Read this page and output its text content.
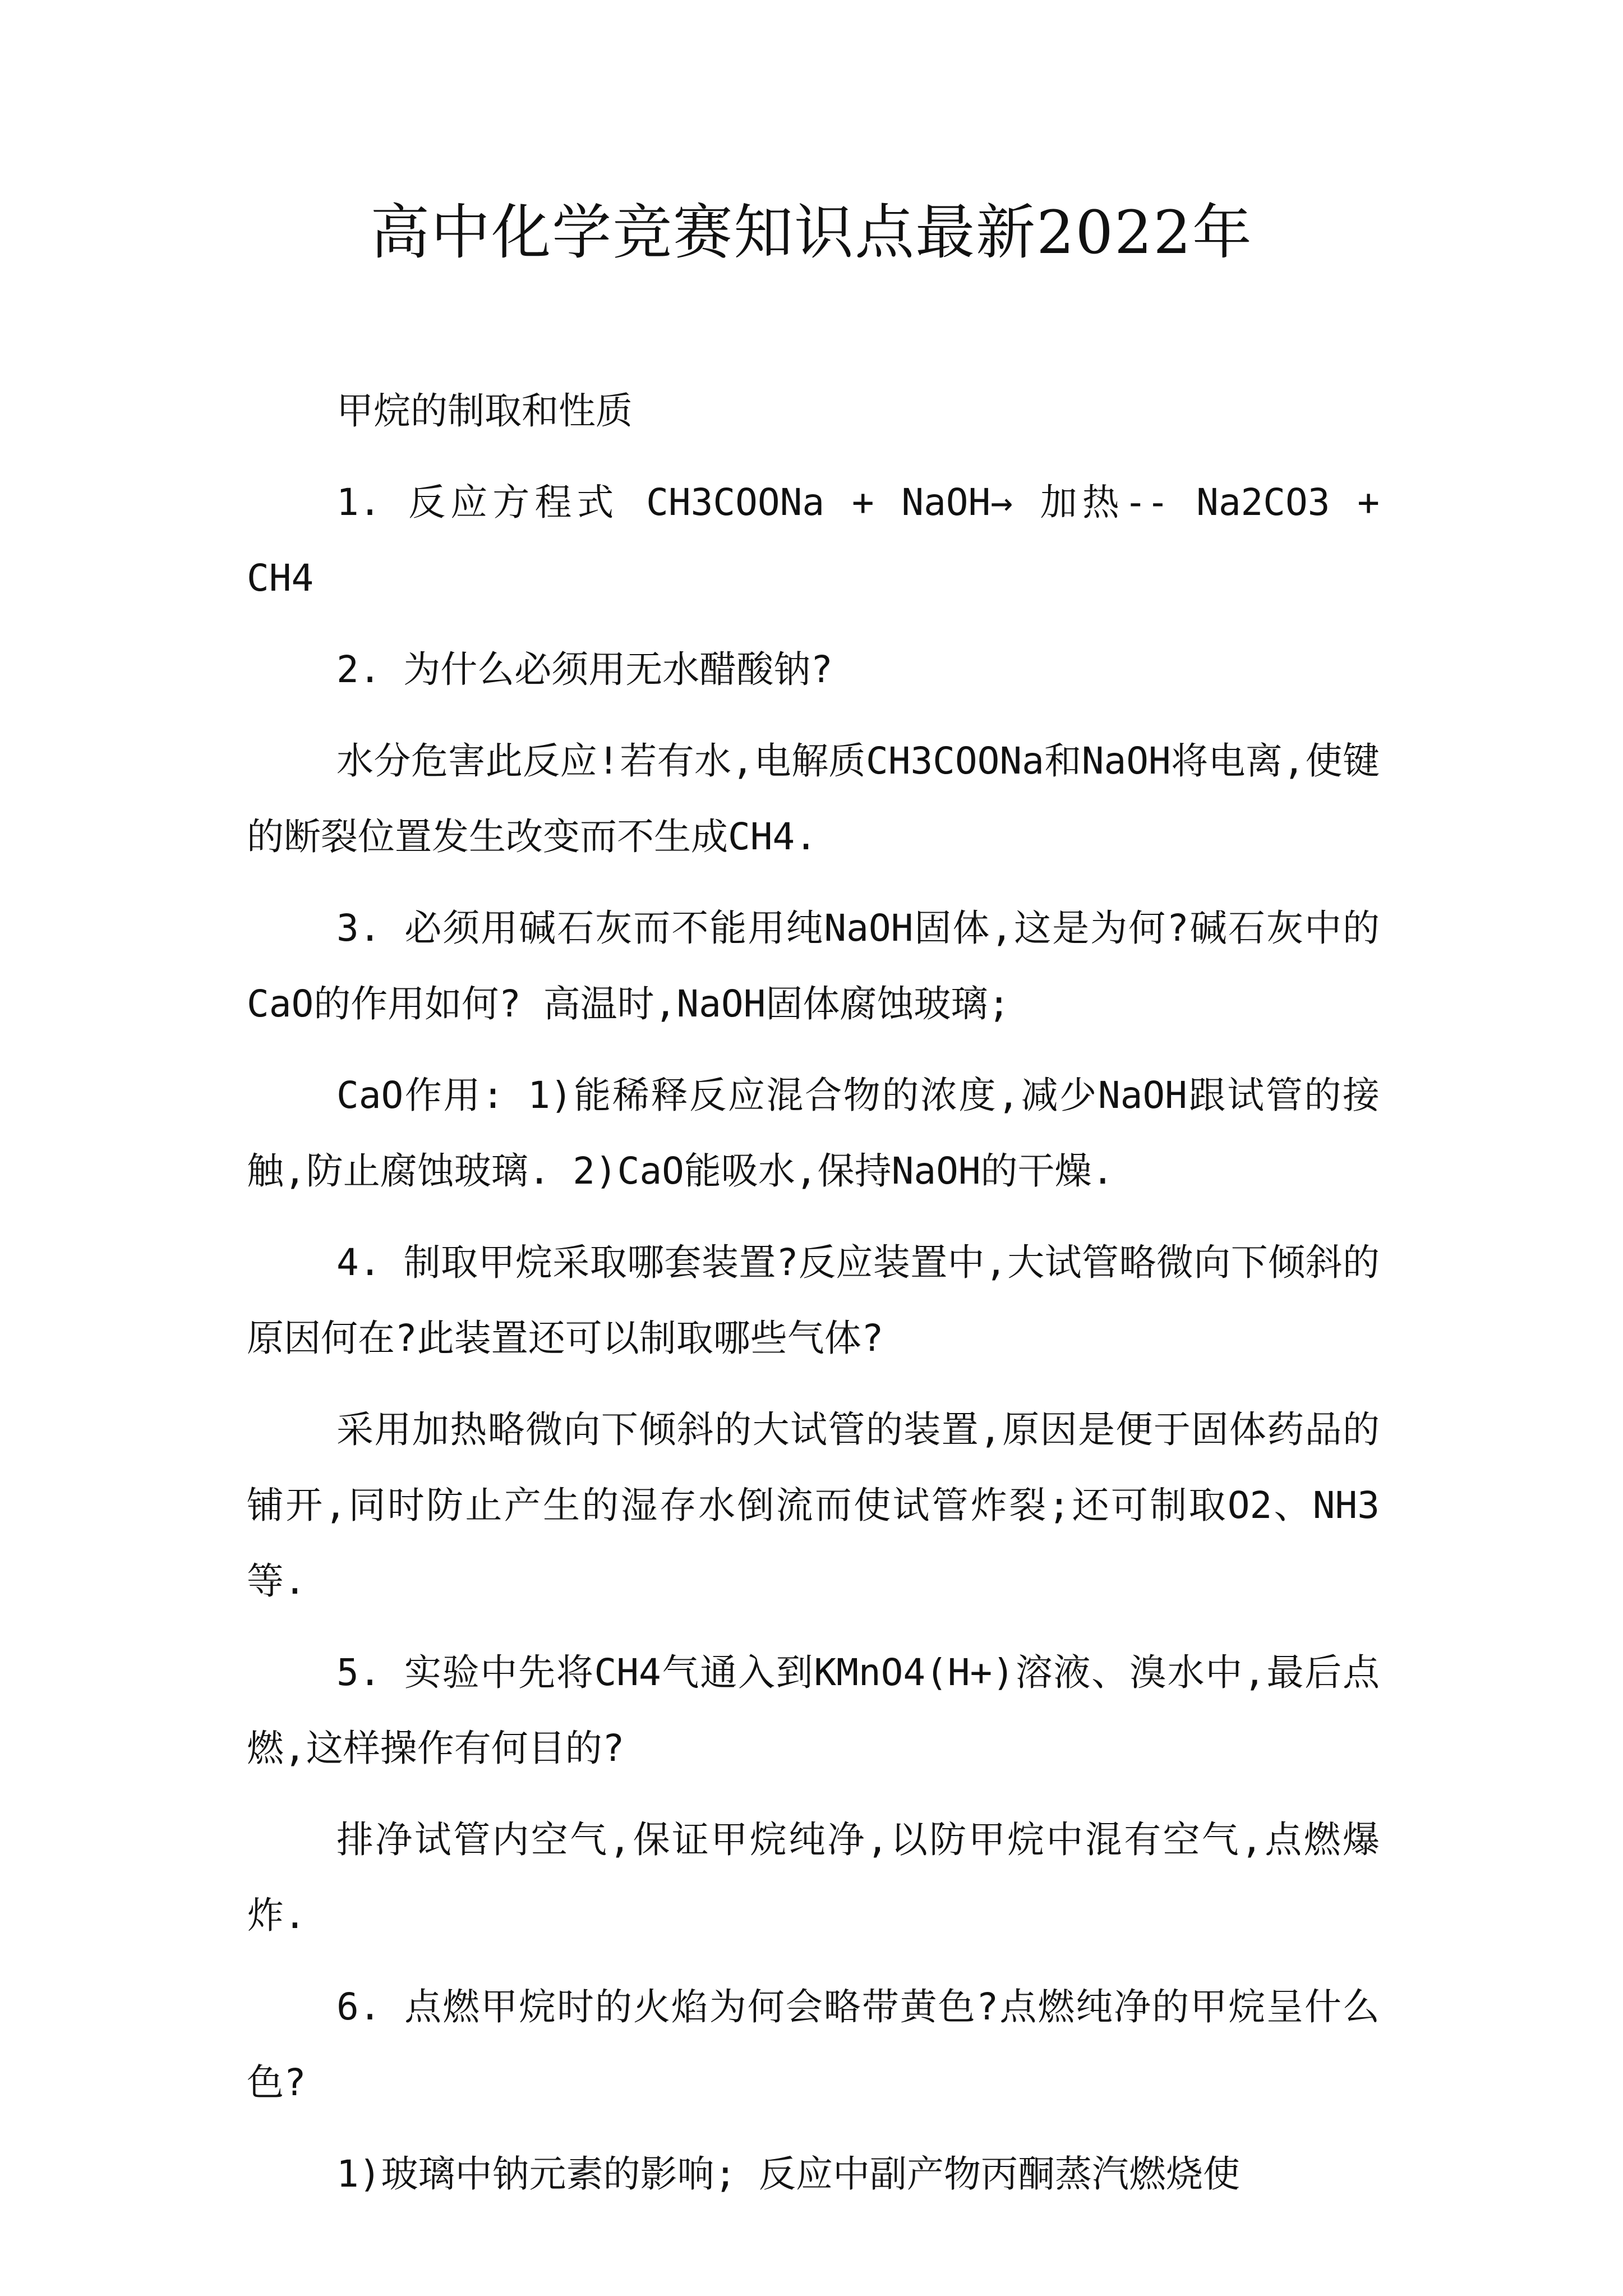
高中化学竞赛知识点最新2022年

甲烷的制取和性质

1. 反应方程式 CH3COONa + NaOH→ 加热-- Na2CO3 + CH4

2. 为什么必须用无水醋酸钠?

水分危害此反应!若有水,电解质CH3COONa和NaOH将电离,使键的断裂位置发生改变而不生成CH4.

3. 必须用碱石灰而不能用纯NaOH固体,这是为何?碱石灰中的CaO的作用如何? 高温时,NaOH固体腐蚀玻璃;

CaO作用: 1)能稀释反应混合物的浓度,减少NaOH跟试管的接触,防止腐蚀玻璃. 2)CaO能吸水,保持NaOH的干燥.

4. 制取甲烷采取哪套装置?反应装置中,大试管略微向下倾斜的原因何在?此装置还可以制取哪些气体?

采用加热略微向下倾斜的大试管的装置,原因是便于固体药品的铺开,同时防止产生的湿存水倒流而使试管炸裂;还可制取O2、NH3等.

5. 实验中先将CH4气通入到KMnO4(H+)溶液、溴水中,最后点燃,这样操作有何目的?

排净试管内空气,保证甲烷纯净,以防甲烷中混有空气,点燃爆炸.

6. 点燃甲烷时的火焰为何会略带黄色?点燃纯净的甲烷呈什么色?

1)玻璃中钠元素的影响; 反应中副产物丙酮蒸汽燃烧使
